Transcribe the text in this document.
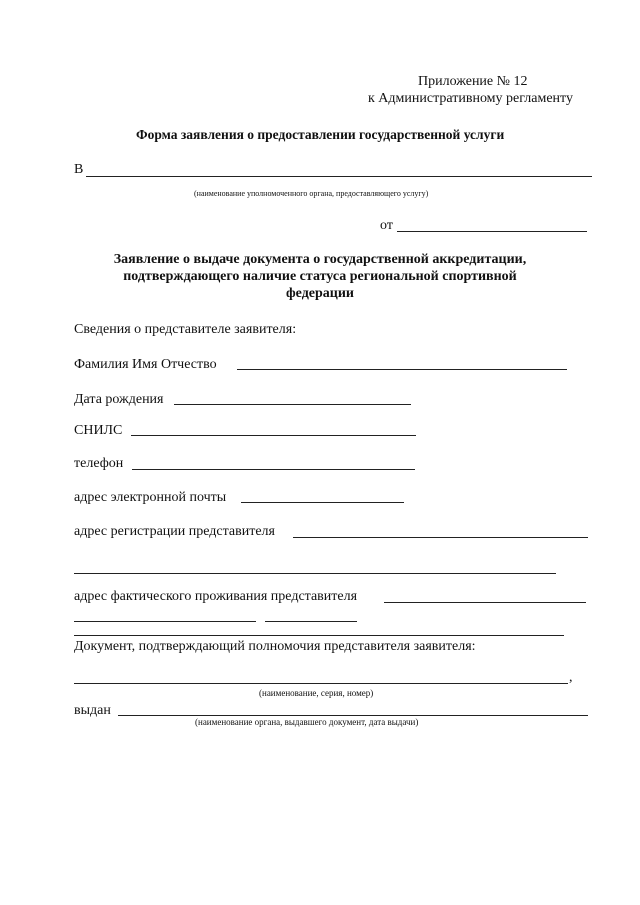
Приложение № 12
к Административному регламенту
Форма заявления о предоставлении государственной услуги
В
(наименование уполномоченного органа, предоставляющего услугу)
от
Заявление о выдаче документа о государственной аккредитации,
подтверждающего наличие статуса региональной спортивной
федерации
Сведения о представителе заявителя:
Фамилия Имя Отчество
Дата рождения
СНИЛС
телефон
адрес электронной почты
адрес регистрации представителя
адрес фактического проживания представителя
Документ, подтверждающий полномочия представителя заявителя:
,
(наименование, серия, номер)
выдан
(наименование органа, выдавшего документ, дата выдачи)
